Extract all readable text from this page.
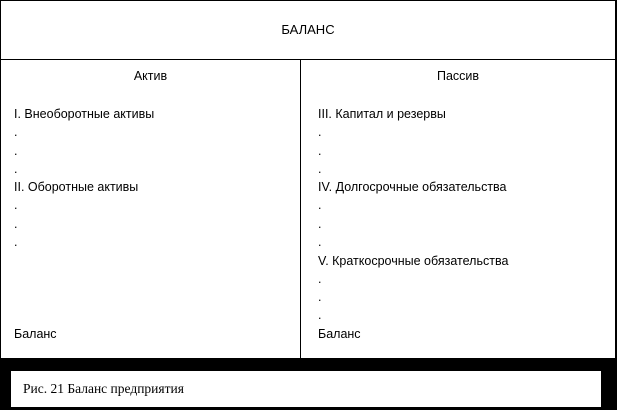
БАЛАНС
Актив
I. Внеоборотные активы
.
.
.
II. Оборотные активы
.
.
.
Баланс
Пассив
III. Капитал и резервы
.
.
.
IV. Долгосрочные обязательства
.
.
.
V. Краткосрочные обязательства
.
.
.
Баланс
Рис. 21 Баланс предприятия
